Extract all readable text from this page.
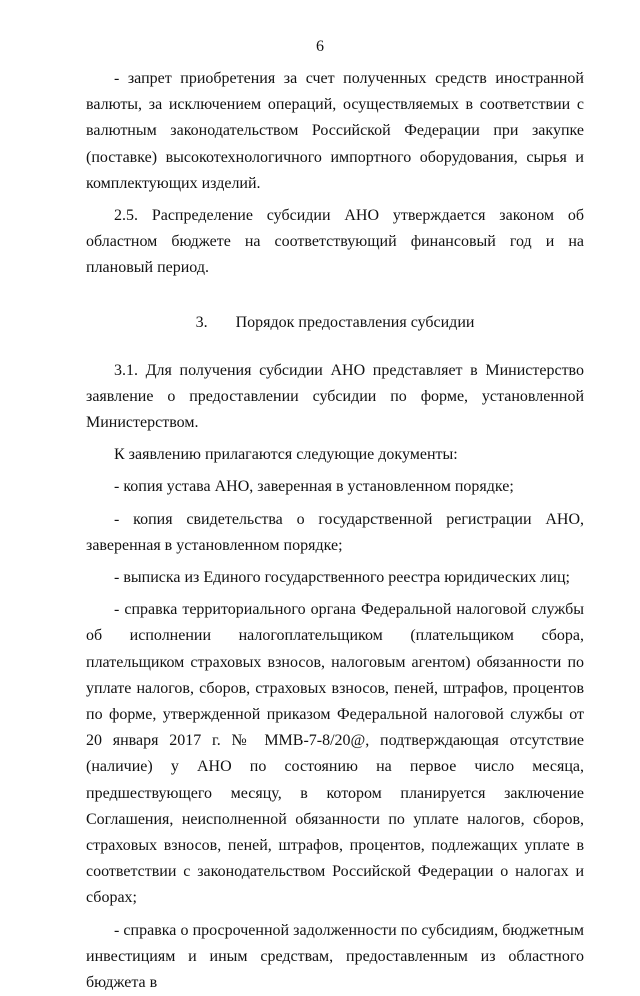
6

- запрет приобретения за счет полученных средств иностранной валюты, за исключением операций, осуществляемых в соответствии с валютным законодательством Российской Федерации при закупке (поставке) высокотехнологичного импортного оборудования, сырья и комплектующих изделий.

2.5. Распределение субсидии АНО утверждается законом об областном бюджете на соответствующий финансовый год и на плановый период.

3. Порядок предоставления субсидии

3.1. Для получения субсидии АНО представляет в Министерство заявление о предоставлении субсидии по форме, установленной Министерством.

К заявлению прилагаются следующие документы:

- копия устава АНО, заверенная в установленном порядке;

- копия свидетельства о государственной регистрации АНО, заверенная в установленном порядке;

- выписка из Единого государственного реестра юридических лиц;

- справка территориального органа Федеральной налоговой службы об исполнении налогоплательщиком (плательщиком сбора, плательщиком страховых взносов, налоговым агентом) обязанности по уплате налогов, сборов, страховых взносов, пеней, штрафов, процентов по форме, утвержденной приказом Федеральной налоговой службы от 20 января 2017 г. № ММВ-7-8/20@, подтверждающая отсутствие (наличие) у АНО по состоянию на первое число месяца, предшествующего месяцу, в котором планируется заключение Соглашения, неисполненной обязанности по уплате налогов, сборов, страховых взносов, пеней, штрафов, процентов, подлежащих уплате в соответствии с законодательством Российской Федерации о налогах и сборах;

- справка о просроченной задолженности по субсидиям, бюджетным инвестициям и иным средствам, предоставленным из областного бюджета в
